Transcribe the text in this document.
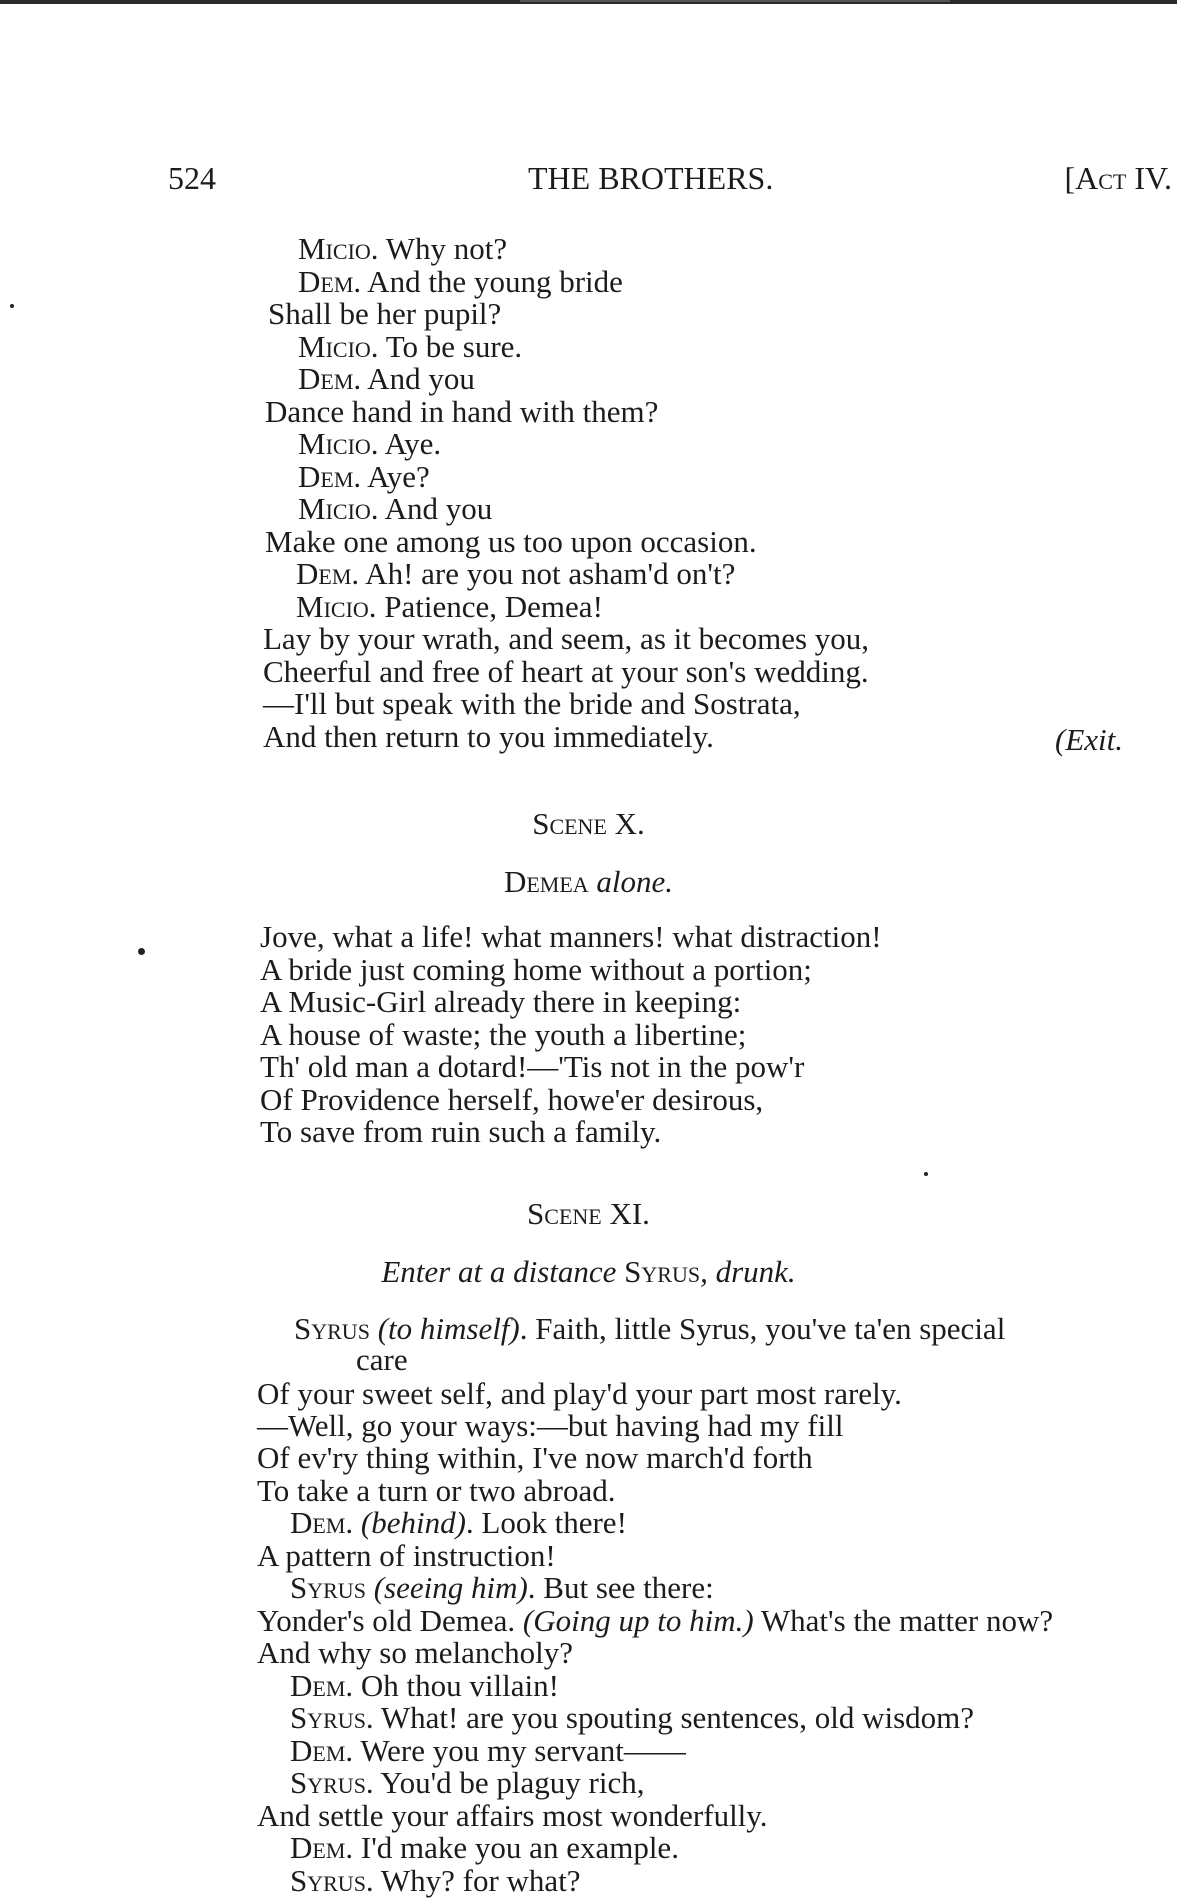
524	THE BROTHERS.	[Act IV.
Micio. Why not?
Dem. And the young bride
Shall be her pupil?
Micio. To be sure.
Dem. And you
Dance hand in hand with them?
Micio. Aye.
Dem. Aye?
Micio. And you
Make one among us too upon occasion.
Dem. Ah! are you not asham'd on't?
Micio. Patience, Demea!
Lay by your wrath, and seem, as it becomes you,
Cheerful and free of heart at your son's wedding.
—I'll but speak with the bride and Sostrata,
And then return to you immediately.	(Exit.
Scene X.
Demea alone.
Jove, what a life! what manners! what distraction!
A bride just coming home without a portion;
A Music-Girl already there in keeping:
A house of waste; the youth a libertine;
Th' old man a dotard!—'Tis not in the pow'r
Of Providence herself, howe'er desirous,
To save from ruin such a family.
Scene XI.
Enter at a distance Syrus, drunk.
Syrus (to himself). Faith, little Syrus, you've ta'en special
care
Of your sweet self, and play'd your part most rarely.
—Well, go your ways:—but having had my fill
Of ev'ry thing within, I've now march'd forth
To take a turn or two abroad.
Dem. (behind). Look there!
A pattern of instruction!
Syrus (seeing him). But see there:
Yonder's old Demea. (Going up to him.) What's the matter now?
And why so melancholy?
Dem. Oh thou villain!
Syrus. What! are you spouting sentences, old wisdom?
Dem. Were you my servant——
Syrus. You'd be plaguy rich,
And settle your affairs most wonderfully.
Dem. I'd make you an example.
Syrus. Why? for what?
